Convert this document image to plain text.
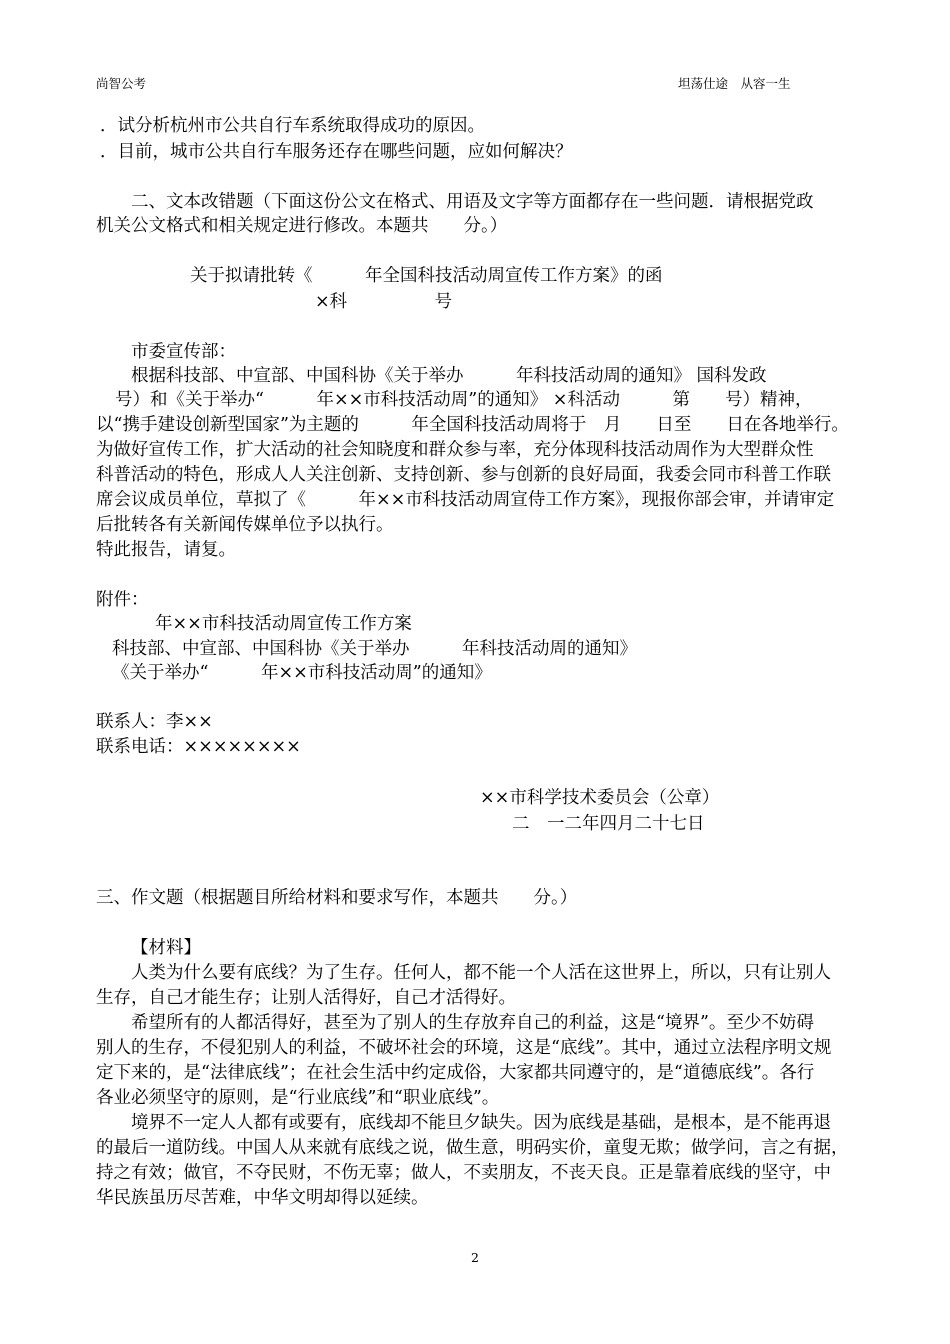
尚智公考	坦荡仕途　从容一生
．试分析杭州市公共自行车系统取得成功的原因。
．目前，城市公共自行车服务还存在哪些问题，应如何解决？
二、文本改错题（下面这份公文在格式、用语及文字等方面都存在一些问题．请根据党政
机关公文格式和相关规定进行修改。本题共　　分。）
关于拟请批转《　　　年全国科技活动周宣传工作方案》的函
×科　　　　　号
市委宣传部：
根据科技部、中宣部、中国科协《关于举办　　　年科技活动周的通知》 国科发政
号）和《关于举办“　　　年××市科技活动周”的通知》 ×科活动　　　第　　号）精神，
以“携手建设创新型国家”为主题的　　　年全国科技活动周将于　月　　日至　　日在各地举行。
为做好宣传工作，扩大活动的社会知晓度和群众参与率，充分体现科技活动周作为大型群众性
科普活动的特色，形成人人关注创新、支持创新、参与创新的良好局面，我委会同市科普工作联
席会议成员单位，草拟了《　　　年××市科技活动周宣侍工作方案》，现报你部会审，并请审定
后批转各有关新闻传媒单位予以执行。
特此报告，请复。
附件：
年××市科技活动周宣传工作方案
科技部、中宣部、中国科协《关于举办　　　年科技活动周的通知》
《关于举办“　　　年××市科技活动周”的通知》
联系人：李××
联系电话：××××××××
××市科学技术委员会（公章）
二　一二年四月二十七日
三、作文题（根据题目所给材料和要求写作，本题共　　分。）
【材料】
人类为什么要有底线？为了生存。任何人，都不能一个人活在这世界上，所以，只有让别人
生存，自己才能生存；让别人活得好，自己才活得好。
希望所有的人都活得好，甚至为了别人的生存放弃自己的利益，这是“境界”。至少不妨碍
别人的生存，不侵犯别人的利益，不破坏社会的环境，这是“底线”。其中，通过立法程序明文规
定下来的，是“法律底线”；在社会生活中约定成俗，大家都共同遵守的，是“道德底线”。各行
各业必须坚守的原则，是“行业底线”和“职业底线”。
境界不一定人人都有或要有，底线却不能旦夕缺失。因为底线是基础，是根本，是不能再退
的最后一道防线。中国人从来就有底线之说，做生意，明码实价，童叟无欺；做学问，言之有据，
持之有效；做官，不夺民财，不伤无辜；做人，不卖朋友，不丧天良。正是靠着底线的坚守，中
华民族虽历尽苦难，中华文明却得以延续。
2
